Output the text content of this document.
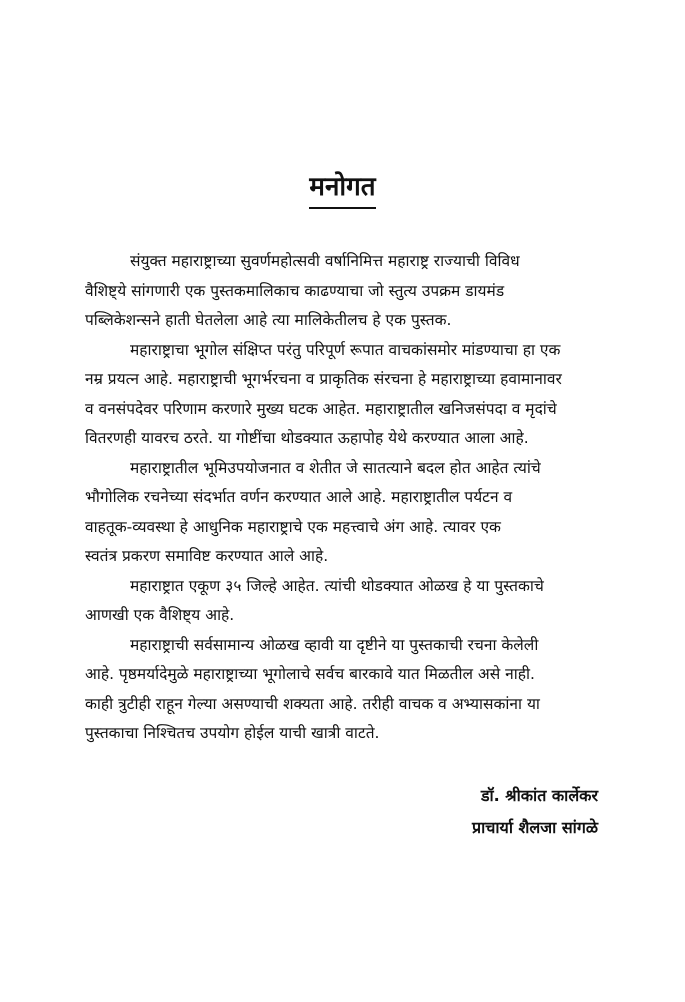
मनोगत

संयुक्त महाराष्ट्राच्या सुवर्णमहोत्सवी वर्षानिमित्त महाराष्ट्र राज्याची विविध
वैशिष्ट्ये सांगणारी एक पुस्तकमालिकाच काढण्याचा जो स्तुत्य उपक्रम डायमंड
पब्लिकेशन्सने हाती घेतलेला आहे त्या मालिकेतीलच हे एक पुस्तक.

महाराष्ट्राचा भूगोल संक्षिप्त परंतु परिपूर्ण रूपात वाचकांसमोर मांडण्याचा हा एक
नम्र प्रयत्न आहे. महाराष्ट्राची भूगर्भरचना व प्राकृतिक संरचना हे महाराष्ट्राच्या हवामानावर
व वनसंपदेवर परिणाम करणारे मुख्य घटक आहेत. महाराष्ट्रातील खनिजसंपदा व मृदांचे
वितरणही यावरच ठरते. या गोष्टींचा थोडक्यात ऊहापोह येथे करण्यात आला आहे.

महाराष्ट्रातील भूमिउपयोजनात व शेतीत जे सातत्याने बदल होत आहेत त्यांचे
भौगोलिक रचनेच्या संदर्भात वर्णन करण्यात आले आहे. महाराष्ट्रातील पर्यटन व
वाहतूक-व्यवस्था हे आधुनिक महाराष्ट्राचे एक महत्त्वाचे अंग आहे. त्यावर एक
स्वतंत्र प्रकरण समाविष्ट करण्यात आले आहे.

महाराष्ट्रात एकूण ३५ जिल्हे आहेत. त्यांची थोडक्यात ओळख हे या पुस्तकाचे
आणखी एक वैशिष्ट्य आहे.

महाराष्ट्राची सर्वसामान्य ओळख व्हावी या दृष्टीने या पुस्तकाची रचना केलेली
आहे. पृष्ठमर्यादेमुळे महाराष्ट्राच्या भूगोलाचे सर्वच बारकावे यात मिळतील असे नाही.
काही त्रुटीही राहून गेल्या असण्याची शक्यता आहे. तरीही वाचक व अभ्यासकांना या
पुस्तकाचा निश्चितच उपयोग होईल याची खात्री वाटते.

डॉ. श्रीकांत कार्लेकर
प्राचार्या शैलजा सांगळे
